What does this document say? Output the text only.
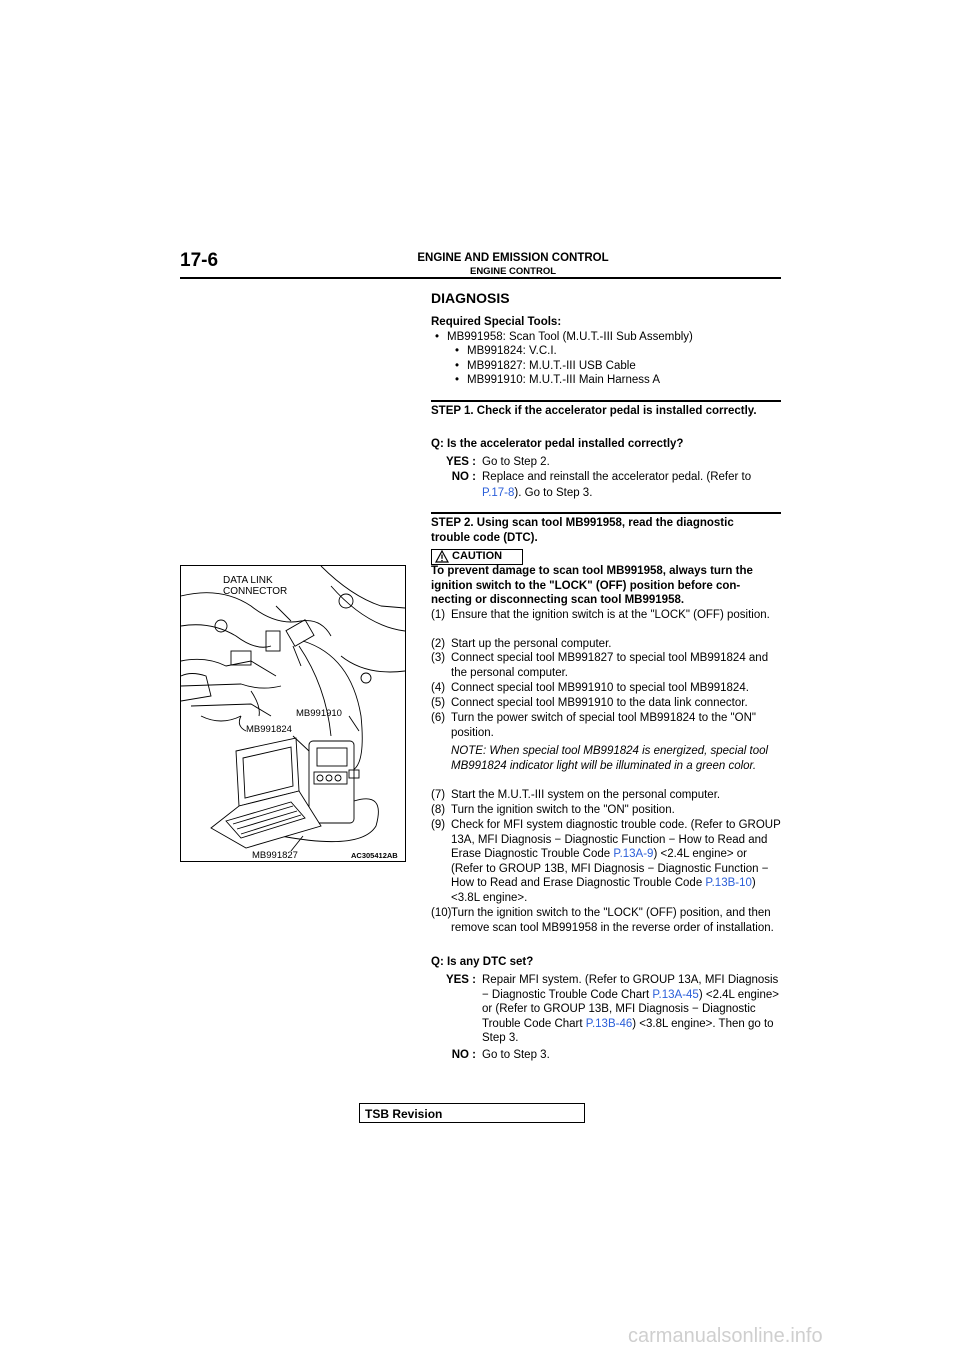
17-6	ENGINE AND EMISSION CONTROL
ENGINE CONTROL
DIAGNOSIS
Required Special Tools:
• MB991958: Scan Tool (M.U.T.-III Sub Assembly)
• MB991824: V.C.I.
• MB991827: M.U.T.-III USB Cable
• MB991910: M.U.T.-III Main Harness A
STEP 1. Check if the accelerator pedal is installed correctly.
Q: Is the accelerator pedal installed correctly?
YES : Go to Step 2.
NO : Replace and reinstall the accelerator pedal. (Refer to
P.17-8). Go to Step 3.
STEP 2. Using scan tool MB991958, read the diagnostic trouble code (DTC).
CAUTION
To prevent damage to scan tool MB991958, always turn the ignition switch to the "LOCK" (OFF) position before con-necting or disconnecting scan tool MB991958.
(1) Ensure that the ignition switch is at the "LOCK" (OFF) position.
(2) Start up the personal computer.
(3) Connect special tool MB991827 to special tool MB991824 and the personal computer.
(4) Connect special tool MB991910 to special tool MB991824.
(5) Connect special tool MB991910 to the data link connector.
(6) Turn the power switch of special tool MB991824 to the "ON" position.
NOTE: When special tool MB991824 is energized, special tool MB991824 indicator light will be illuminated in a green color.
(7) Start the M.U.T.-III system on the personal computer.
(8) Turn the ignition switch to the "ON" position.
(9) Check for MFI system diagnostic trouble code. (Refer to GROUP 13A, MFI Diagnosis − Diagnostic Function − How to Read and Erase Diagnostic Trouble Code P.13A-9) <2.4L engine> or (Refer to GROUP 13B, MFI Diagnosis − Diagnostic Function − How to Read and Erase Diagnostic Trouble Code P.13B-10) <3.8L engine>.
(10) Turn the ignition switch to the "LOCK" (OFF) position, and then remove scan tool MB991958 in the reverse order of installation.
Q: Is any DTC set?
YES : Repair MFI system. (Refer to GROUP 13A, MFI Diagnosis − Diagnostic Trouble Code Chart P.13A-45) <2.4L engine> or (Refer to GROUP 13B, MFI Diagnosis − Diagnostic Trouble Code Chart P.13B-46) <3.8L engine>. Then go to Step 3.
NO : Go to Step 3.
DATA LINK
CONNECTOR
MB991910
MB991824
MB991827	AC305412AB
TSB Revision
carmanualsonline.info
